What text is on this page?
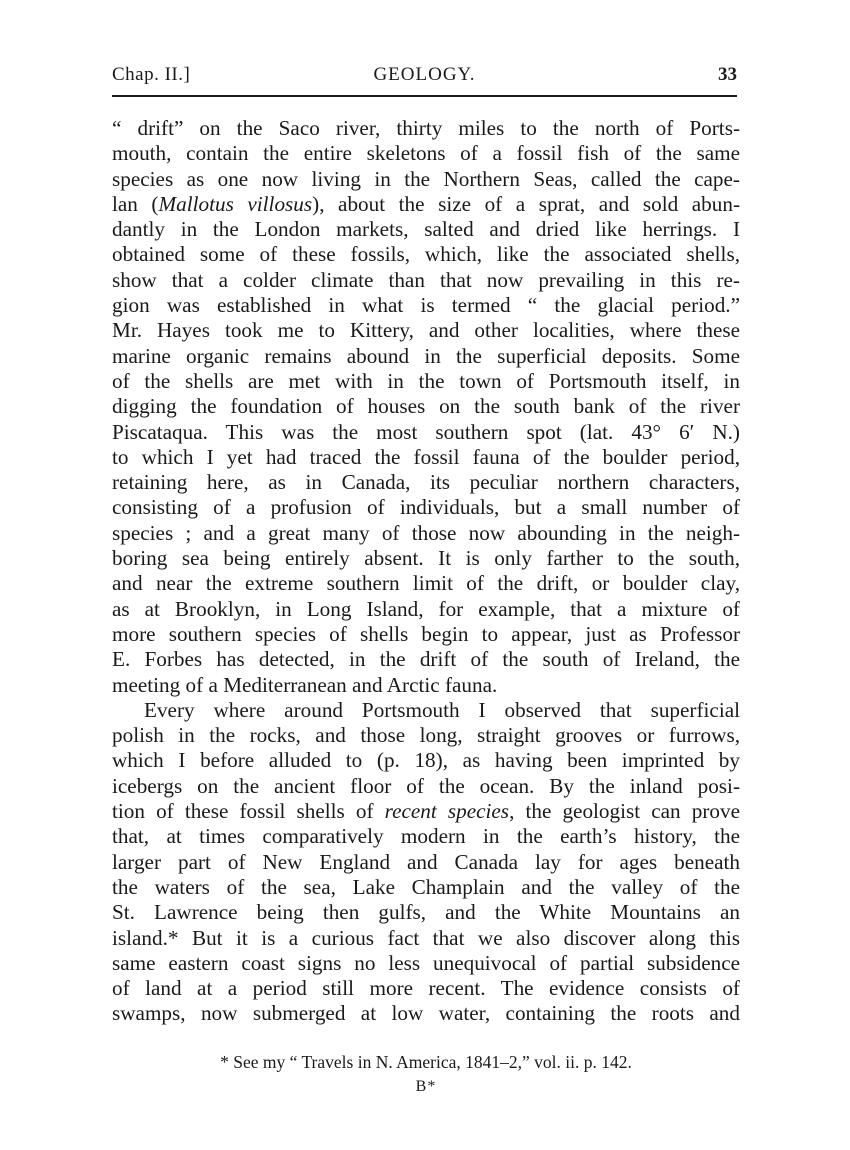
Chap. II.]	GEOLOGY.	33
“ drift” on the Saco river, thirty miles to the north of Ports-
mouth, contain the entire skeletons of a fossil fish of the same
species as one now living in the Northern Seas, called the cape-
lan (Mallotus villosus), about the size of a sprat, and sold abun-
dantly in the London markets, salted and dried like herrings. I
obtained some of these fossils, which, like the associated shells,
show that a colder climate than that now prevailing in this re-
gion was established in what is termed “ the glacial period.”
Mr. Hayes took me to Kittery, and other localities, where these
marine organic remains abound in the superficial deposits. Some
of the shells are met with in the town of Portsmouth itself, in
digging the foundation of houses on the south bank of the river
Piscataqua. This was the most southern spot (lat. 43° 6′ N.)
to which I yet had traced the fossil fauna of the boulder period,
retaining here, as in Canada, its peculiar northern characters,
consisting of a profusion of individuals, but a small number of
species ; and a great many of those now abounding in the neigh-
boring sea being entirely absent. It is only farther to the south,
and near the extreme southern limit of the drift, or boulder clay,
as at Brooklyn, in Long Island, for example, that a mixture of
more southern species of shells begin to appear, just as Professor
E. Forbes has detected, in the drift of the south of Ireland, the
meeting of a Mediterranean and Arctic fauna.
Every where around Portsmouth I observed that superficial
polish in the rocks, and those long, straight grooves or furrows,
which I before alluded to (p. 18), as having been imprinted by
icebergs on the ancient floor of the ocean. By the inland posi-
tion of these fossil shells of recent species, the geologist can prove
that, at times comparatively modern in the earth’s history, the
larger part of New England and Canada lay for ages beneath
the waters of the sea, Lake Champlain and the valley of the
St. Lawrence being then gulfs, and the White Mountains an
island.* But it is a curious fact that we also discover along this
same eastern coast signs no less unequivocal of partial subsidence
of land at a period still more recent. The evidence consists of
swamps, now submerged at low water, containing the roots and
* See my “ Travels in N. America, 1841–2,” vol. ii. p. 142.
B*
